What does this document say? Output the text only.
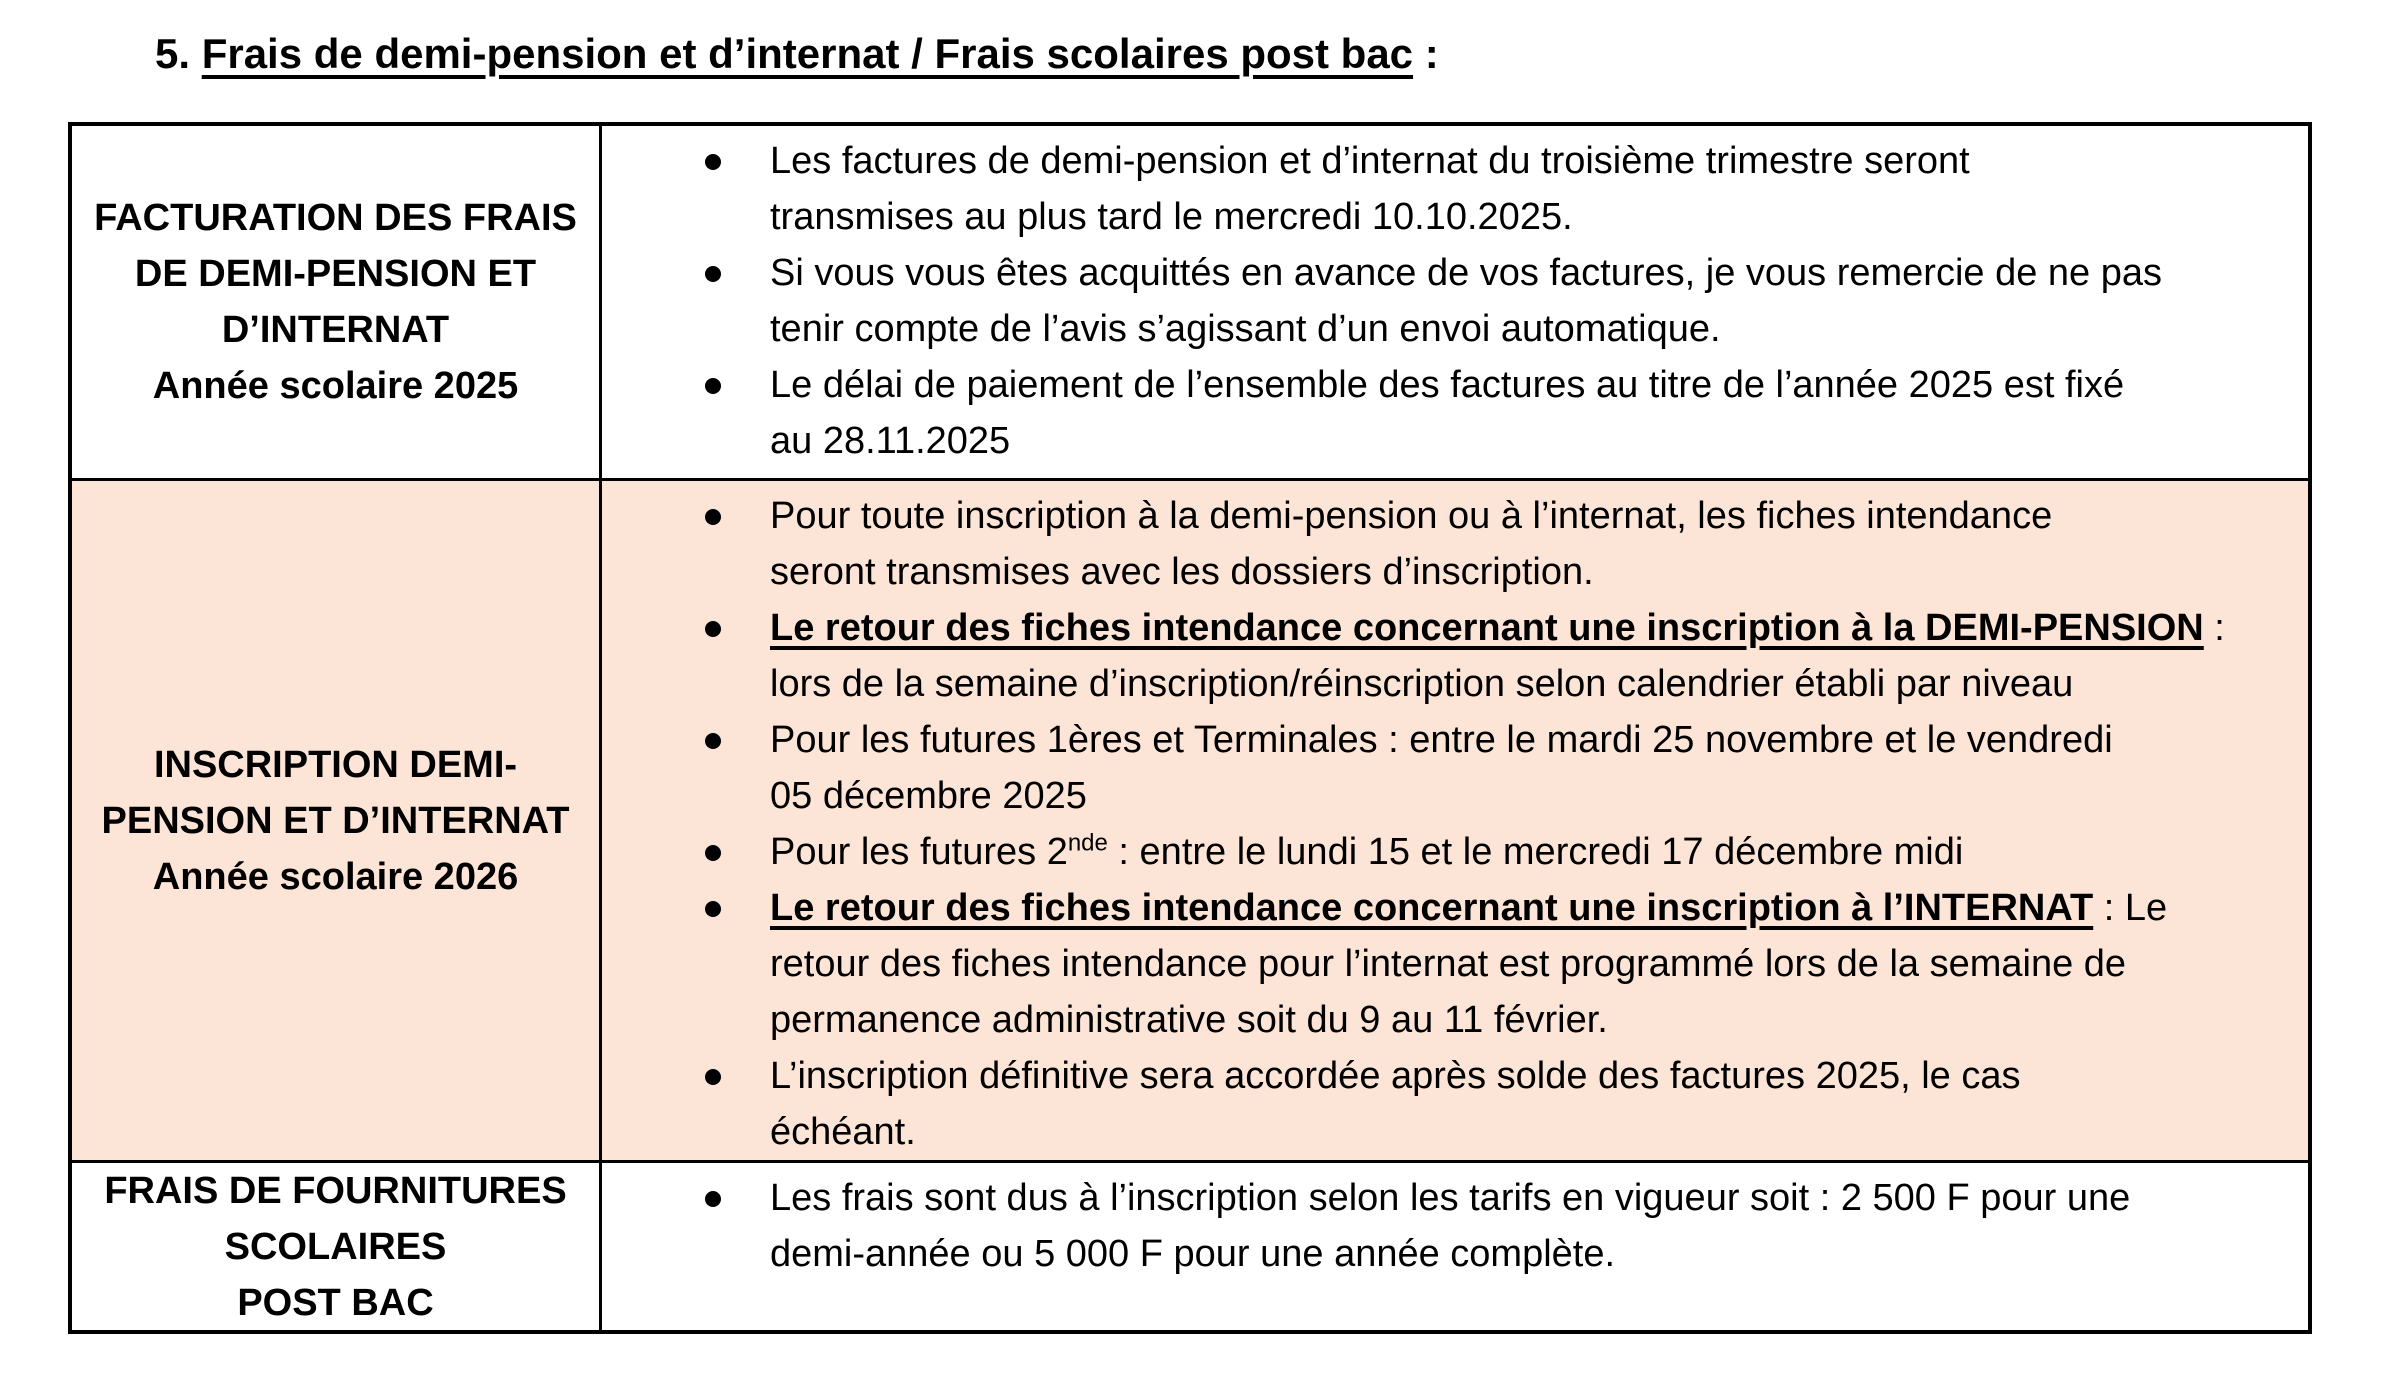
5. Frais de demi-pension et d’internat / Frais scolaires post bac :
FACTURATION DES FRAIS
DE DEMI-PENSION ET
D’INTERNAT
Année scolaire 2025
Les factures de demi-pension et d’internat du troisième trimestre seront
transmises au plus tard le mercredi 10.10.2025.
Si vous vous êtes acquittés en avance de vos factures, je vous remercie de ne pas
tenir compte de l’avis s’agissant d’un envoi automatique.
Le délai de paiement de l’ensemble des factures au titre de l’année 2025 est fixé
au 28.11.2025
INSCRIPTION DEMI-
PENSION ET D’INTERNAT
Année scolaire 2026
Pour toute inscription à la demi-pension ou à l’internat, les fiches intendance
seront transmises avec les dossiers d’inscription.
Le retour des fiches intendance concernant une inscription à la DEMI-PENSION :
lors de la semaine d’inscription/réinscription selon calendrier établi par niveau
Pour les futures 1ères et Terminales : entre le mardi 25 novembre et le vendredi
05 décembre 2025
Pour les futures 2nde : entre le lundi 15 et le mercredi 17 décembre midi
Le retour des fiches intendance concernant une inscription à l’INTERNAT : Le
retour des fiches intendance pour l’internat est programmé lors de la semaine de
permanence administrative soit du 9 au 11 février.
L’inscription définitive sera accordée après solde des factures 2025, le cas
échéant.
FRAIS DE FOURNITURES
SCOLAIRES
POST BAC
Les frais sont dus à l’inscription selon les tarifs en vigueur soit : 2 500 F pour une
demi-année ou 5 000 F pour une année complète.
